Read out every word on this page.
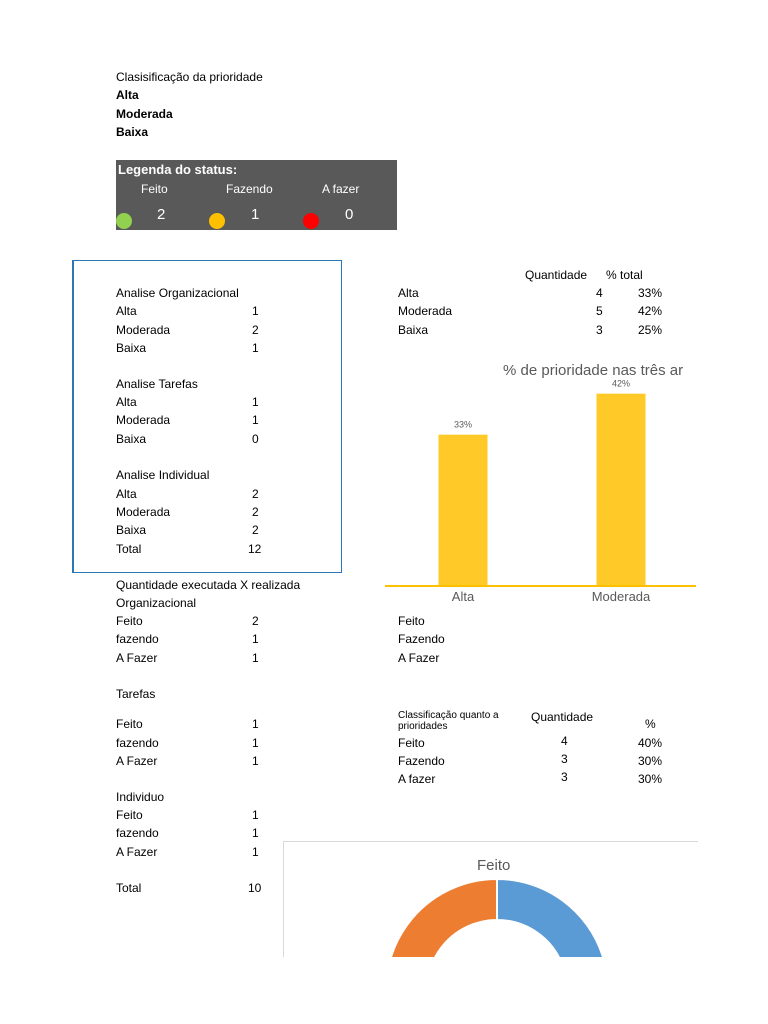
Clasisificação da prioridade
Alta
Moderada
Baixa
Legenda do status:
Feito	Fazendo	A fazer
2	1	0
Analise Organizacional
Alta	1
Moderada	2
Baixa	1
Analise Tarefas
Alta	1
Moderada	1
Baixa	0
Analise Individual
Alta	2
Moderada	2
Baixa	2
Total	12
Quantidade % total
Alta	4	33%
Moderada	5	42%
Baixa	3	25%
% de prioridade nas três ar
33%
Alta
42%
Moderada
Quantidade executada X realizada
Organizacional
Feito	2
fazendo	1
A Fazer	1
Tarefas
Feito	1
fazendo	1
A Fazer	1
Individuo
Feito	1
fazendo	1
A Fazer	1
Total	10
Feito
Fazendo
A Fazer
Classificação quanto a
prioridades
Quantidade	%
Feito	4	40%
Fazendo	3	30%
A fazer	3	30%
Feito
